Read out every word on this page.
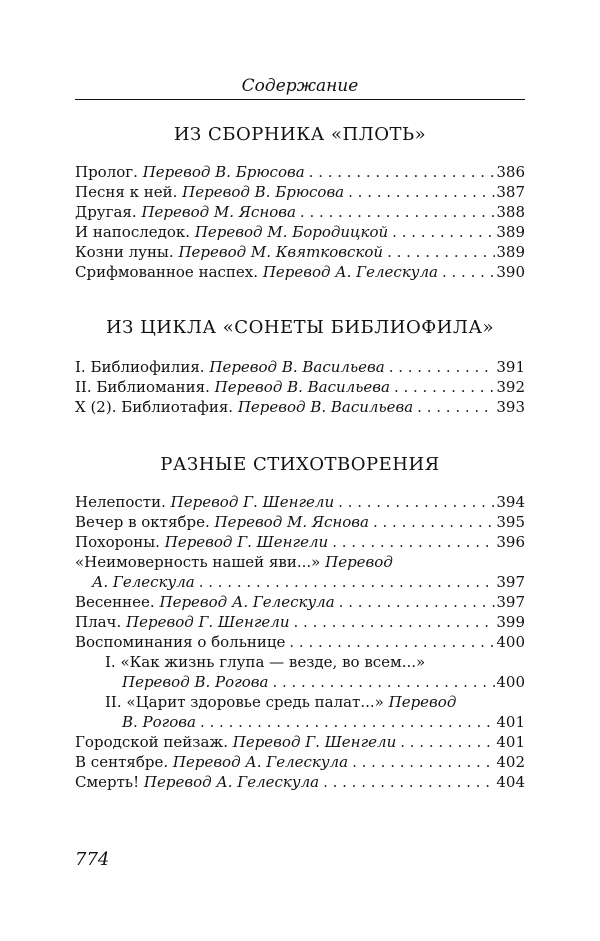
Содержание
ИЗ СБОРНИКА «ПЛОТЬ»
Пролог. Перевод В. Брюсова . . .	386
Песня к ней. Перевод В. Брюсова . . .	387
Другая. Перевод М. Яснова . . .	388
И напоследок. Перевод М. Бородицкой . . .	389
Козни луны. Перевод М. Квятковской . . .	389
Срифмованное наспех. Перевод А. Гелескула . . .	390
ИЗ ЦИКЛА «СОНЕТЫ БИБЛИОФИЛА»
I. Библиофилия. Перевод В. Васильева . . .	391
II. Библиомания. Перевод В. Васильева . . .	392
X (2). Библиотафия. Перевод В. Васильева . . .	393
РАЗНЫЕ СТИХОТВОРЕНИЯ
Нелепости. Перевод Г. Шенгели . . .	394
Вечер в октябре. Перевод М. Яснова . . .	395
Похороны. Перевод Г. Шенгели . . .	396
«Неимоверность нашей яви...» Перевод
А. Гелескула . . .	397
Весеннее. Перевод А. Гелескула . . .	397
Плач. Перевод Г. Шенгели . . .	399
Воспоминания о больнице . . .	400
I. «Как жизнь глупа — везде, во всем...»
Перевод В. Рогова . . .	400
II. «Царит здоровье средь палат...» Перевод
В. Рогова . . .	401
Городской пейзаж. Перевод Г. Шенгели . . .	401
В сентябре. Перевод А. Гелескула . . .	402
Смерть! Перевод А. Гелескула . . .	404
774
